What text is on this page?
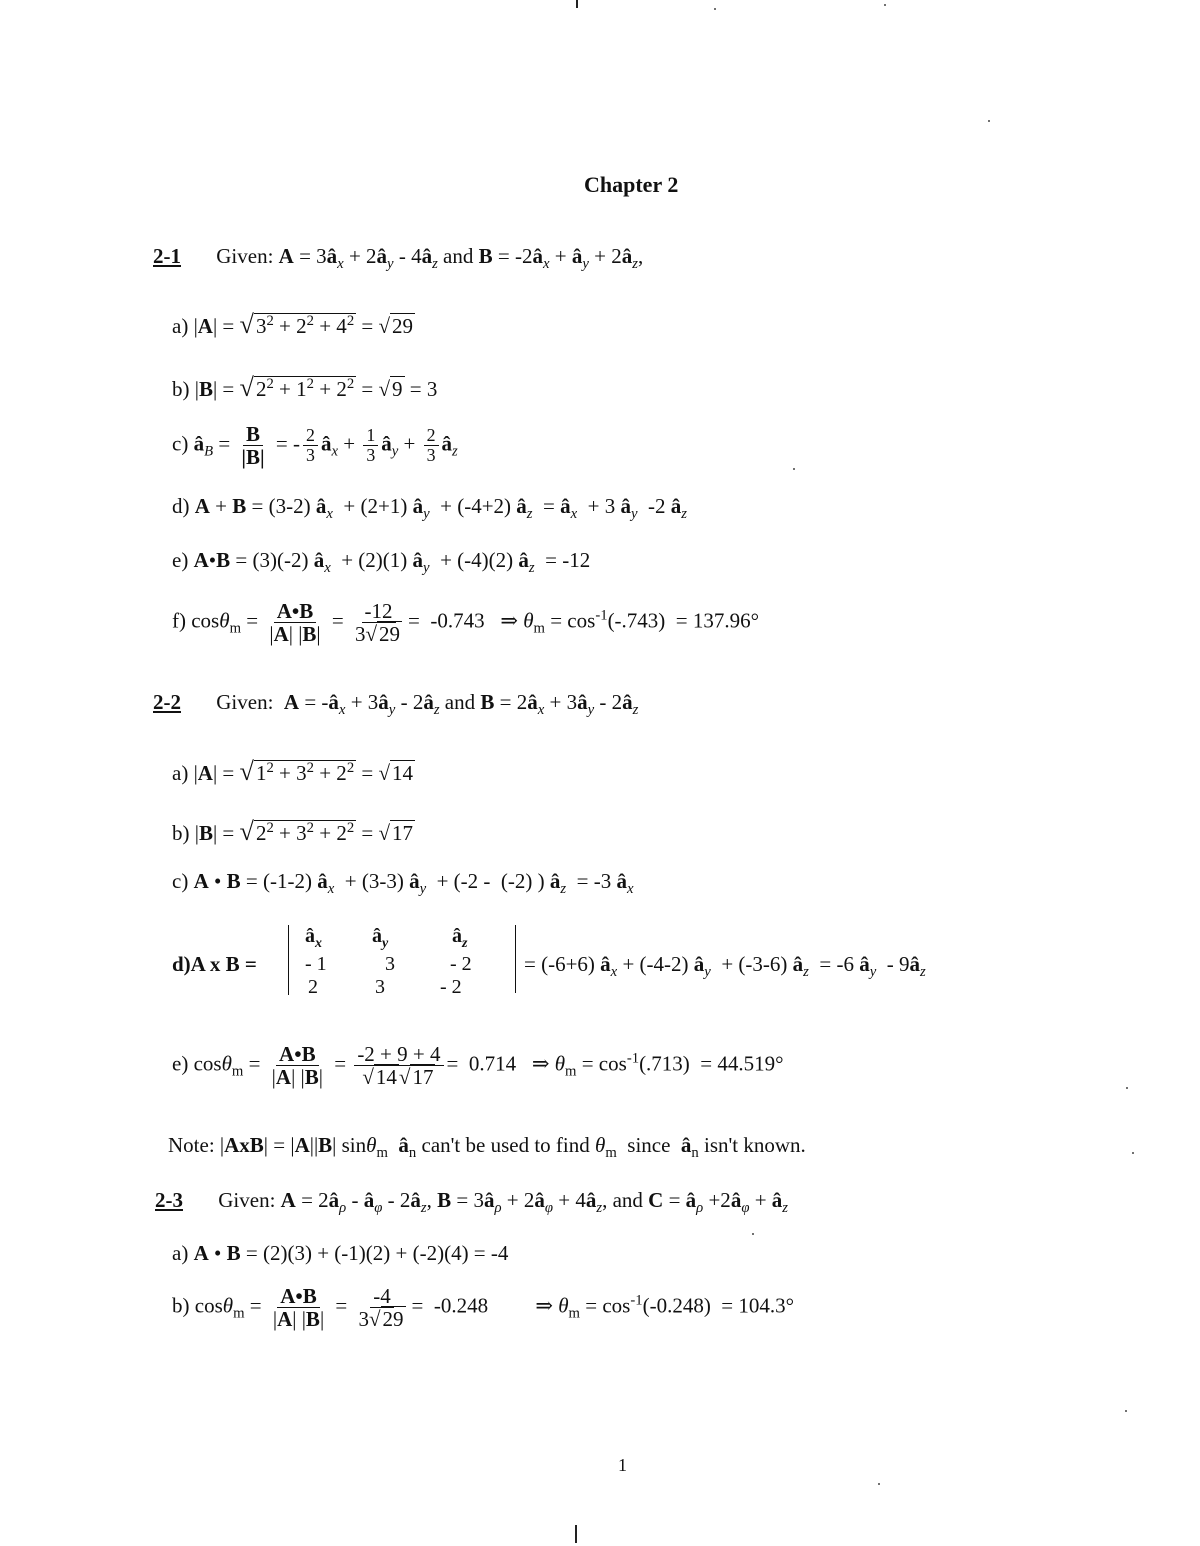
Chapter 2
2-1 Given: $A = 3â_x$ + $2â_y$ - $4â_z$ and $B = -2â_x$ + $â_y$ + $2â_z$,
a) $|A| = √3^2 + 2^2 + 4^2 = √29$
b) $|B| = √2^2 + 1^2 + 2^2 = √9 = 3$
c) $â_B = \frac{B}{|B|}$ = - $\frac{2}{3}$ $â_x + \frac{1}{3}$ $â_y + \frac{2}{3}$ $â_z$
d) A + B = (3-2) $â_x + (2+1)$ $â_y + (-4+2)$ $â_z$  = $â_x + 3$ $â_y$  -2 $â_z$
e) A•B = (3)(-2) $â_x + (2)(1)$ $â_y + (-4)(2)$ $â_z = -12$
f) $\cos\theta_m = \frac{A•B}{|A| |B|} = \frac{-12}{3√29} = -0.743$   ⇒ $\theta_m = \cos^{-1}(-.743) = 137.96^\circ$
2-2 Given:  $A = -â_x$ + $3â_y$ - $2â_z$ and $B = 2â_x$ + $3â_y$ - $2â_z$
a) $|A| = √1^2 + 3^2 + 2^2 = √14$
b) $|B| = √2^2 + 3^2 + 2^2 = √17$
c) A • B = (-1-2) $â_x + (3-3)$ $â_y + (-2 - (-2)$ ) $â_z = -3$ $â_x$
d)A x B =
$â_x$	$â_y$	$â_z$
- 1	3	- 2
2	3	- 2
= (-6+6) $â_x + (-4-2)$ $â_y + (-3-6)$ $â_z = -6$ $â_y$  - $9â_z$
e) $\cos\theta_m = \frac{A•B}{|A| |B|} = \frac{-2 + 9 + 4}{√14√17} = 0.714$   ⇒ $\theta_m = \cos^{-1}(.713) = 44.519^\circ$
Note: |AxB| = |A||B| sinθ$_m$ $â_n$ can't be used to find $\theta_m$  since  $â_n$ isn't known.
2-3 Given: $A = 2â_\rho$ - $â_\varphi$ - $2â_z$, $B = 3â_\rho$ + $2â_\varphi$ + $4â_z$, and $C = â_\rho$ $+2â_\varphi$ + $â_z$
a) A • B = (2)(3) + (-1)(2) + (-2)(4) = -4
b) $\cos\theta_m = \frac{A•B}{|A| |B|} = \frac{-4}{3√29} = -0.248$         ⇒ $\theta_m = \cos^{-1}(-0.248) = 104.3^\circ$
1
